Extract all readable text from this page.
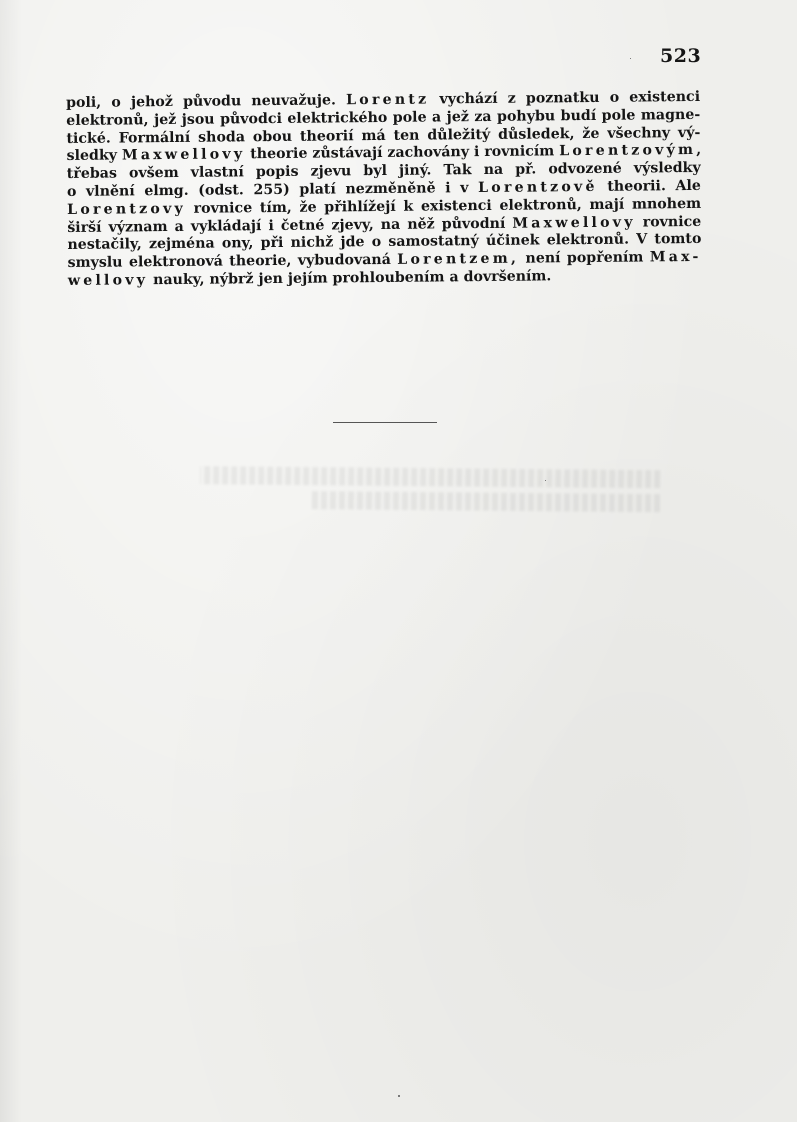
523
poli, o jehož původu neuvažuje. Lorentz vychází z poznatku o existenci
elektronů, jež jsou původci elektrického pole a jež za pohybu budí pole magne-
tické. Formální shoda obou theorií má ten důležitý důsledek, že všechny vý-
sledky Maxwellovy theorie zůstávají zachovány i rovnicím Lorentzovým,
třebas ovšem vlastní popis zjevu byl jiný. Tak na př. odvozené výsledky
o vlnění elmg. (odst. 255) platí nezměněně i v Lorentzově theorii. Ale
Lorentzovy rovnice tím, že přihlížejí k existenci elektronů, mají mnohem
širší význam a vykládají i četné zjevy, na něž původní Maxwellovy rovnice
nestačily, zejména ony, při nichž jde o samostatný účinek elektronů. V tomto
smyslu elektronová theorie, vybudovaná Lorentzem, není popřením Max-
wellovy nauky, nýbrž jen jejím prohloubením a dovršením.
